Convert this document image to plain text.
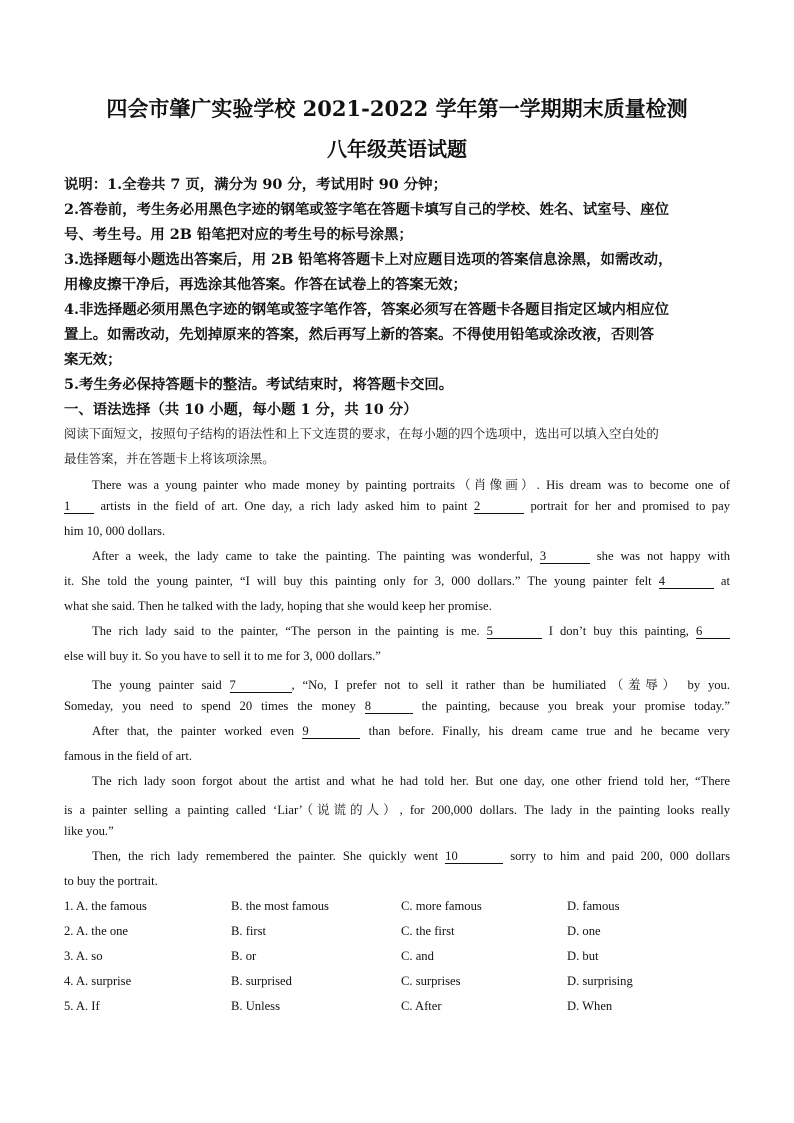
四会市肇广实验学校 2021-2022 学年第一学期期末质量检测
八年级英语试题
说明：1.全卷共 7 页，满分为 90 分，考试用时 90 分钟；
2.答卷前，考生务必用黑色字迹的钢笔或签字笔在答题卡填写自己的学校、姓名、试室号、座位
号、考生号。用 2B 铅笔把对应的考生号的标号涂黑；
3.选择题每小题选出答案后，用 2B 铅笔将答题卡上对应题目选项的答案信息涂黑，如需改动，
用橡皮擦干净后，再选涂其他答案。作答在试卷上的答案无效；
4.非选择题必须用黑色字迹的钢笔或签字笔作答，答案必须写在答题卡各题目指定区域内相应位
置上。如需改动，先划掉原来的答案，然后再写上新的答案。不得使用铅笔或涂改液，否则答
案无效；
5.考生务必保持答题卡的整洁。考试结束时，将答题卡交回。
一、语法选择（共 10 小题，每小题 1 分，共 10 分）
阅读下面短文，按照句子结构的语法性和上下文连贯的要求，在每小题的四个选项中，选出可以填入空白处的
最佳答案，并在答题卡上将该项涂黑。
There was a young painter who made money by painting portraits（肖像画）. His dream was to become one of
1 artists in the field of art. One day, a rich lady asked him to paint 2	portrait for her and promised to pay
him 10, 000 dollars.
After a week, the lady came to take the painting. The painting was wonderful, 3	she was not happy with
it. She told the young painter, “I will buy this painting only for 3, 000 dollars.” The young painter felt 4	at
what she said. Then he talked with the lady, hoping that she would keep her promise.
The rich lady said to the painter, “The person in the painting is me. 5	I don’t buy this painting, 6
else will buy it. So you have to sell it to me for 3, 000 dollars.”
The young painter said 7	, “No, I prefer not to sell it rather than be humiliated（羞辱） by you.
Someday, you need to spend 20 times the money 8	the painting, because you break your promise today.”
After that, the painter worked even 9	than before. Finally, his dream came true and he became very
famous in the field of art.
The rich lady soon forgot about the artist and what he had told her. But one day, one other friend told her, “There
is a painter selling a painting called ‘Liar’（说谎的人）, for 200,000 dollars. The lady in the painting looks really
like you.”
Then, the rich lady remembered the painter. She quickly went 10	sorry to him and paid 200, 000 dollars
to buy the portrait.
1. A. the famous	B. the most famous	C. more famous	D. famous
2. A. the one	B. first	C. the first	D. one
3. A. so	B. or	C. and	D. but
4. A. surprise	B. surprised	C. surprises	D. surprising
5. A. If	B. Unless	C. After	D. When
